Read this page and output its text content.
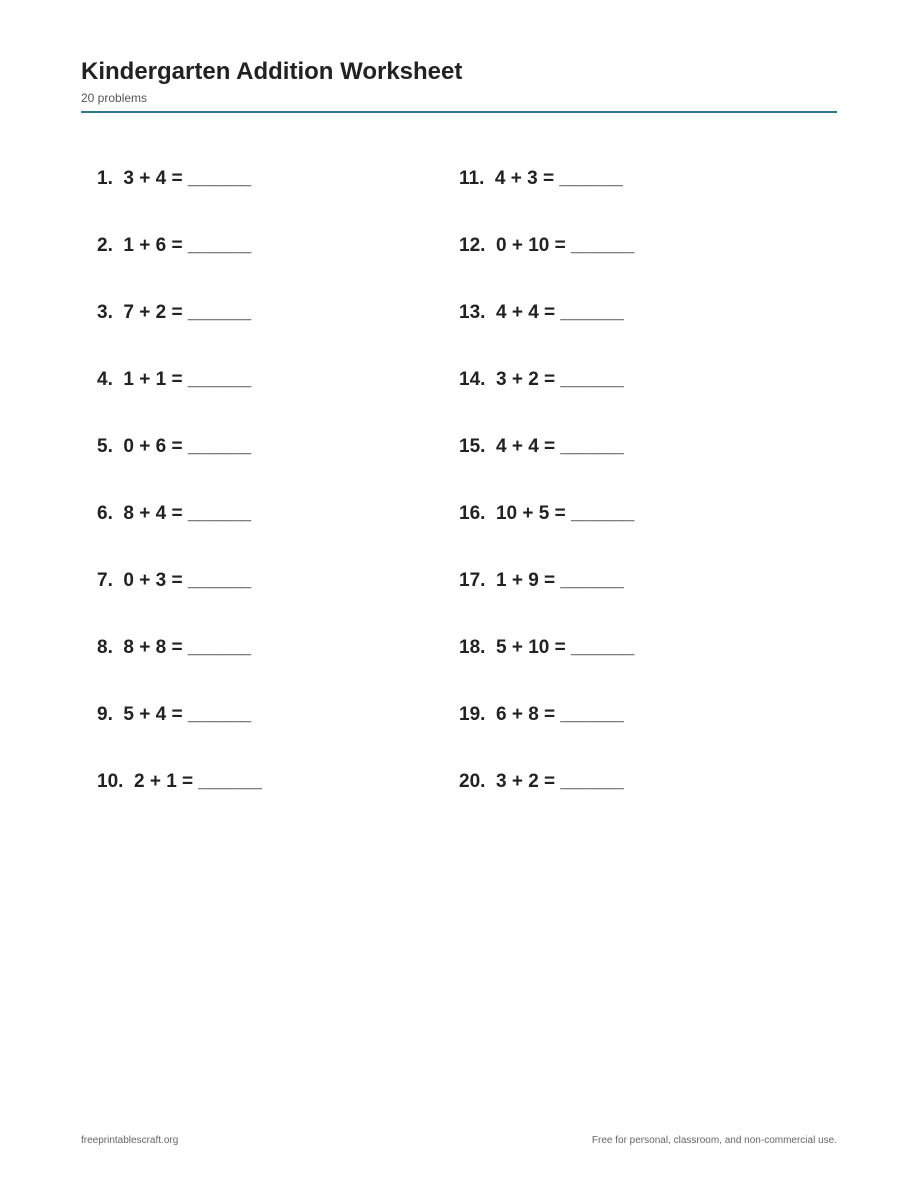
Kindergarten Addition Worksheet
20 problems
1.  3 + 4 = ______
2.  1 + 6 = ______
3.  7 + 2 = ______
4.  1 + 1 = ______
5.  0 + 6 = ______
6.  8 + 4 = ______
7.  0 + 3 = ______
8.  8 + 8 = ______
9.  5 + 4 = ______
10.  2 + 1 = ______
11.  4 + 3 = ______
12.  0 + 10 = ______
13.  4 + 4 = ______
14.  3 + 2 = ______
15.  4 + 4 = ______
16.  10 + 5 = ______
17.  1 + 9 = ______
18.  5 + 10 = ______
19.  6 + 8 = ______
20.  3 + 2 = ______
freeprintablescraft.org	Free for personal, classroom, and non-commercial use.
